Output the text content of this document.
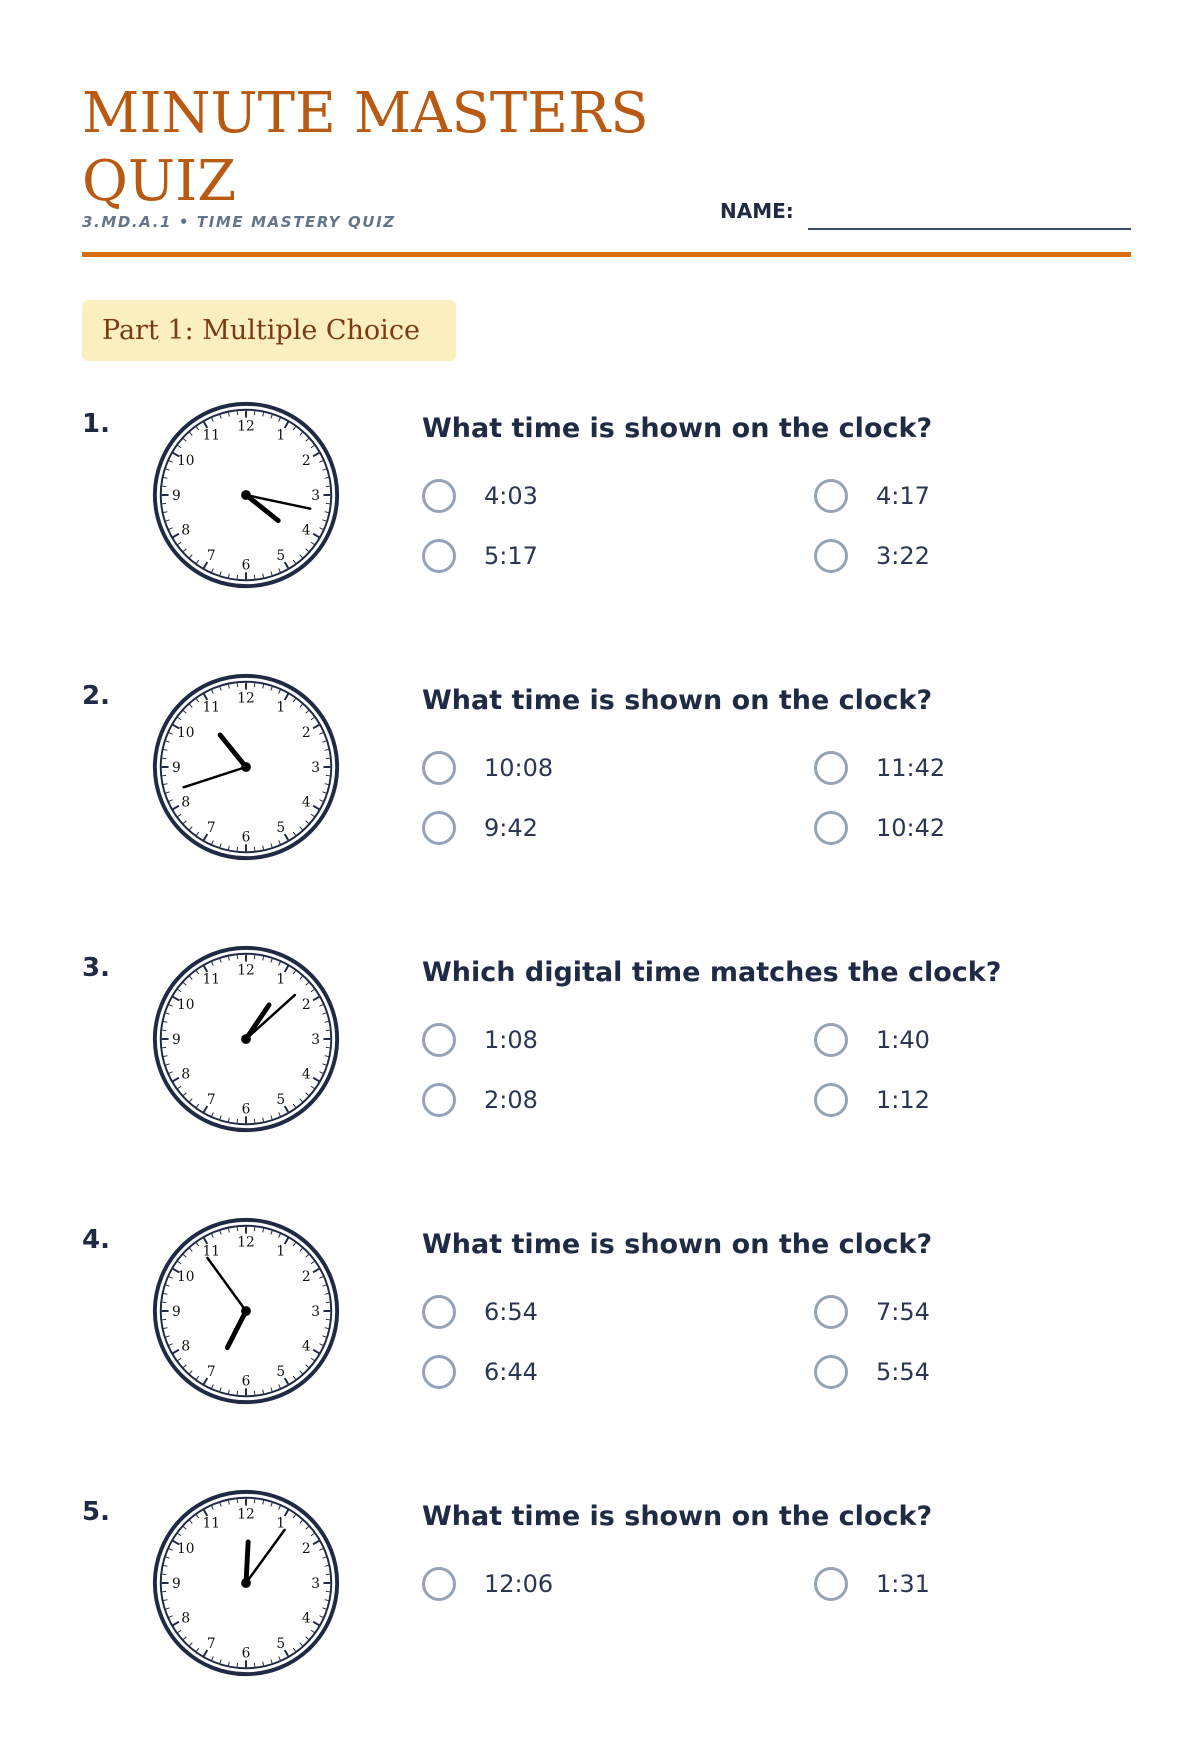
MINUTE MASTERS QUIZ
3.MD.A.1 • TIME MASTERY QUIZ	NAME:
Part 1: Multiple Choice
1.	1
2
3
4
5
6
7
8
9
10
11
12	What time is shown on the clock?
4:03	4:17
5:17	3:22
2.	1
2
3
4
5
6
7
8
9
10
11
12	What time is shown on the clock?
10:08	11:42
9:42	10:42
3.	1
2
3
4
5
6
7
8
9
10
11
12	Which digital time matches the clock?
1:08	1:40
2:08	1:12
4.	1
2
3
4
5
6
7
8
9
10
11
12	What time is shown on the clock?
6:54	7:54
6:44	5:54
5.	1
2
3
4
5
6
7
8
9
10
11
12	What time is shown on the clock?
12:06	1:31
